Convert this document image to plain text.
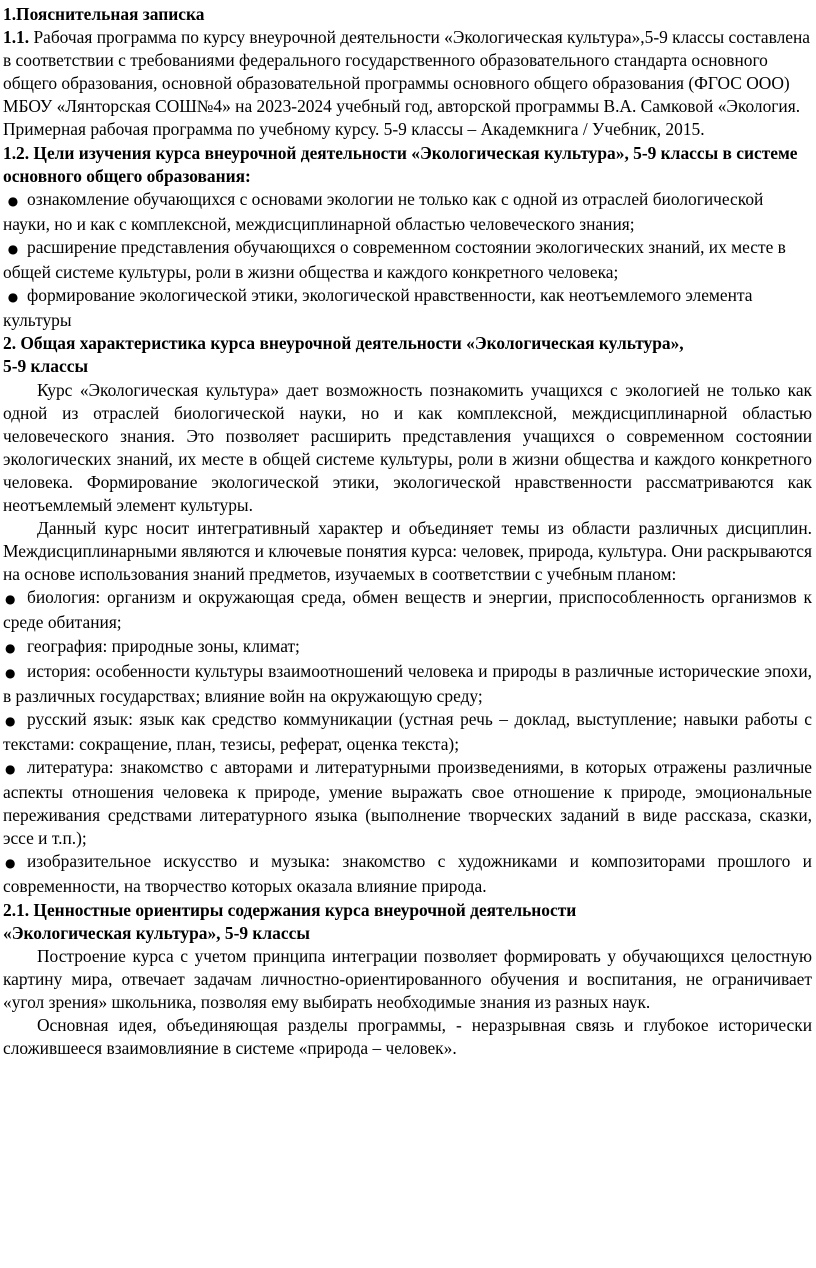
1.Пояснительная записка

1.1. Рабочая программа по курсу внеурочной деятельности «Экологическая культура»,5-9 классы составлена в соответствии с требованиями федерального государственного образовательного стандарта основного общего образования, основной образовательной программы основного общего образования (ФГОС ООО) МБОУ «Лянторская СОШ№4» на 2023-2024 учебный год, авторской программы В.А. Самковой «Экология. Примерная рабочая программа по учебному курсу. 5-9 классы – Академкнига / Учебник, 2015.

1.2. Цели изучения курса внеурочной деятельности «Экологическая культура», 5-9 классы в системе основного общего образования:

● ознакомление обучающихся с основами экологии не только как с одной из отраслей биологической науки, но и как с комплексной, междисциплинарной областью человеческого знания;

● расширение представления обучающихся о современном состоянии экологических знаний, их месте в общей системе культуры, роли в жизни общества и каждого конкретного человека;

● формирование экологической этики, экологической нравственности, как неотъемлемого элемента культуры

2. Общая характеристика курса внеурочной деятельности «Экологическая культура»,

5-9 классы

Курс «Экологическая культура» дает возможность познакомить учащихся с экологией не только как одной из отраслей биологической науки, но и как комплексной, междисциплинарной областью человеческого знания. Это позволяет расширить представления учащихся о современном состоянии экологических знаний, их месте в общей системе культуры, роли в жизни общества и каждого конкретного человека. Формирование экологической этики, экологической нравственности рассматриваются как неотъемлемый элемент культуры.

Данный курс носит интегративный характер и объединяет темы из области различных дисциплин. Междисциплинарными являются и ключевые понятия курса: человек, природа, культура. Они раскрываются на основе использования знаний предметов, изучаемых в соответствии с учебным планом:

● биология: организм и окружающая среда, обмен веществ и энергии, приспособленность организмов к среде обитания;

● география: природные зоны, климат;

● история: особенности культуры взаимоотношений человека и природы в различные исторические эпохи, в различных государствах; влияние войн на окружающую среду;

● русский язык: язык как средство коммуникации (устная речь – доклад, выступление; навыки работы с текстами: сокращение, план, тезисы, реферат, оценка текста);

● литература: знакомство с авторами и литературными произведениями, в которых отражены различные аспекты отношения человека к природе, умение выражать свое отношение к природе, эмоциональные переживания средствами литературного языка (выполнение творческих заданий в виде рассказа, сказки, эссе и т.п.);

● изобразительное искусство и музыка: знакомство с художниками и композиторами прошлого и современности, на творчество которых оказала влияние природа.

2.1. Ценностные ориентиры содержания курса внеурочной деятельности

«Экологическая культура», 5-9 классы

Построение курса с учетом принципа интеграции позволяет формировать у обучающихся целостную картину мира, отвечает задачам личностно-ориентированного обучения и воспитания, не ограничивает «угол зрения» школьника, позволяя ему выбирать необходимые знания из разных наук.

Основная идея, объединяющая разделы программы, - неразрывная связь и глубокое исторически сложившееся взаимовлияние в системе «природа – человек».
